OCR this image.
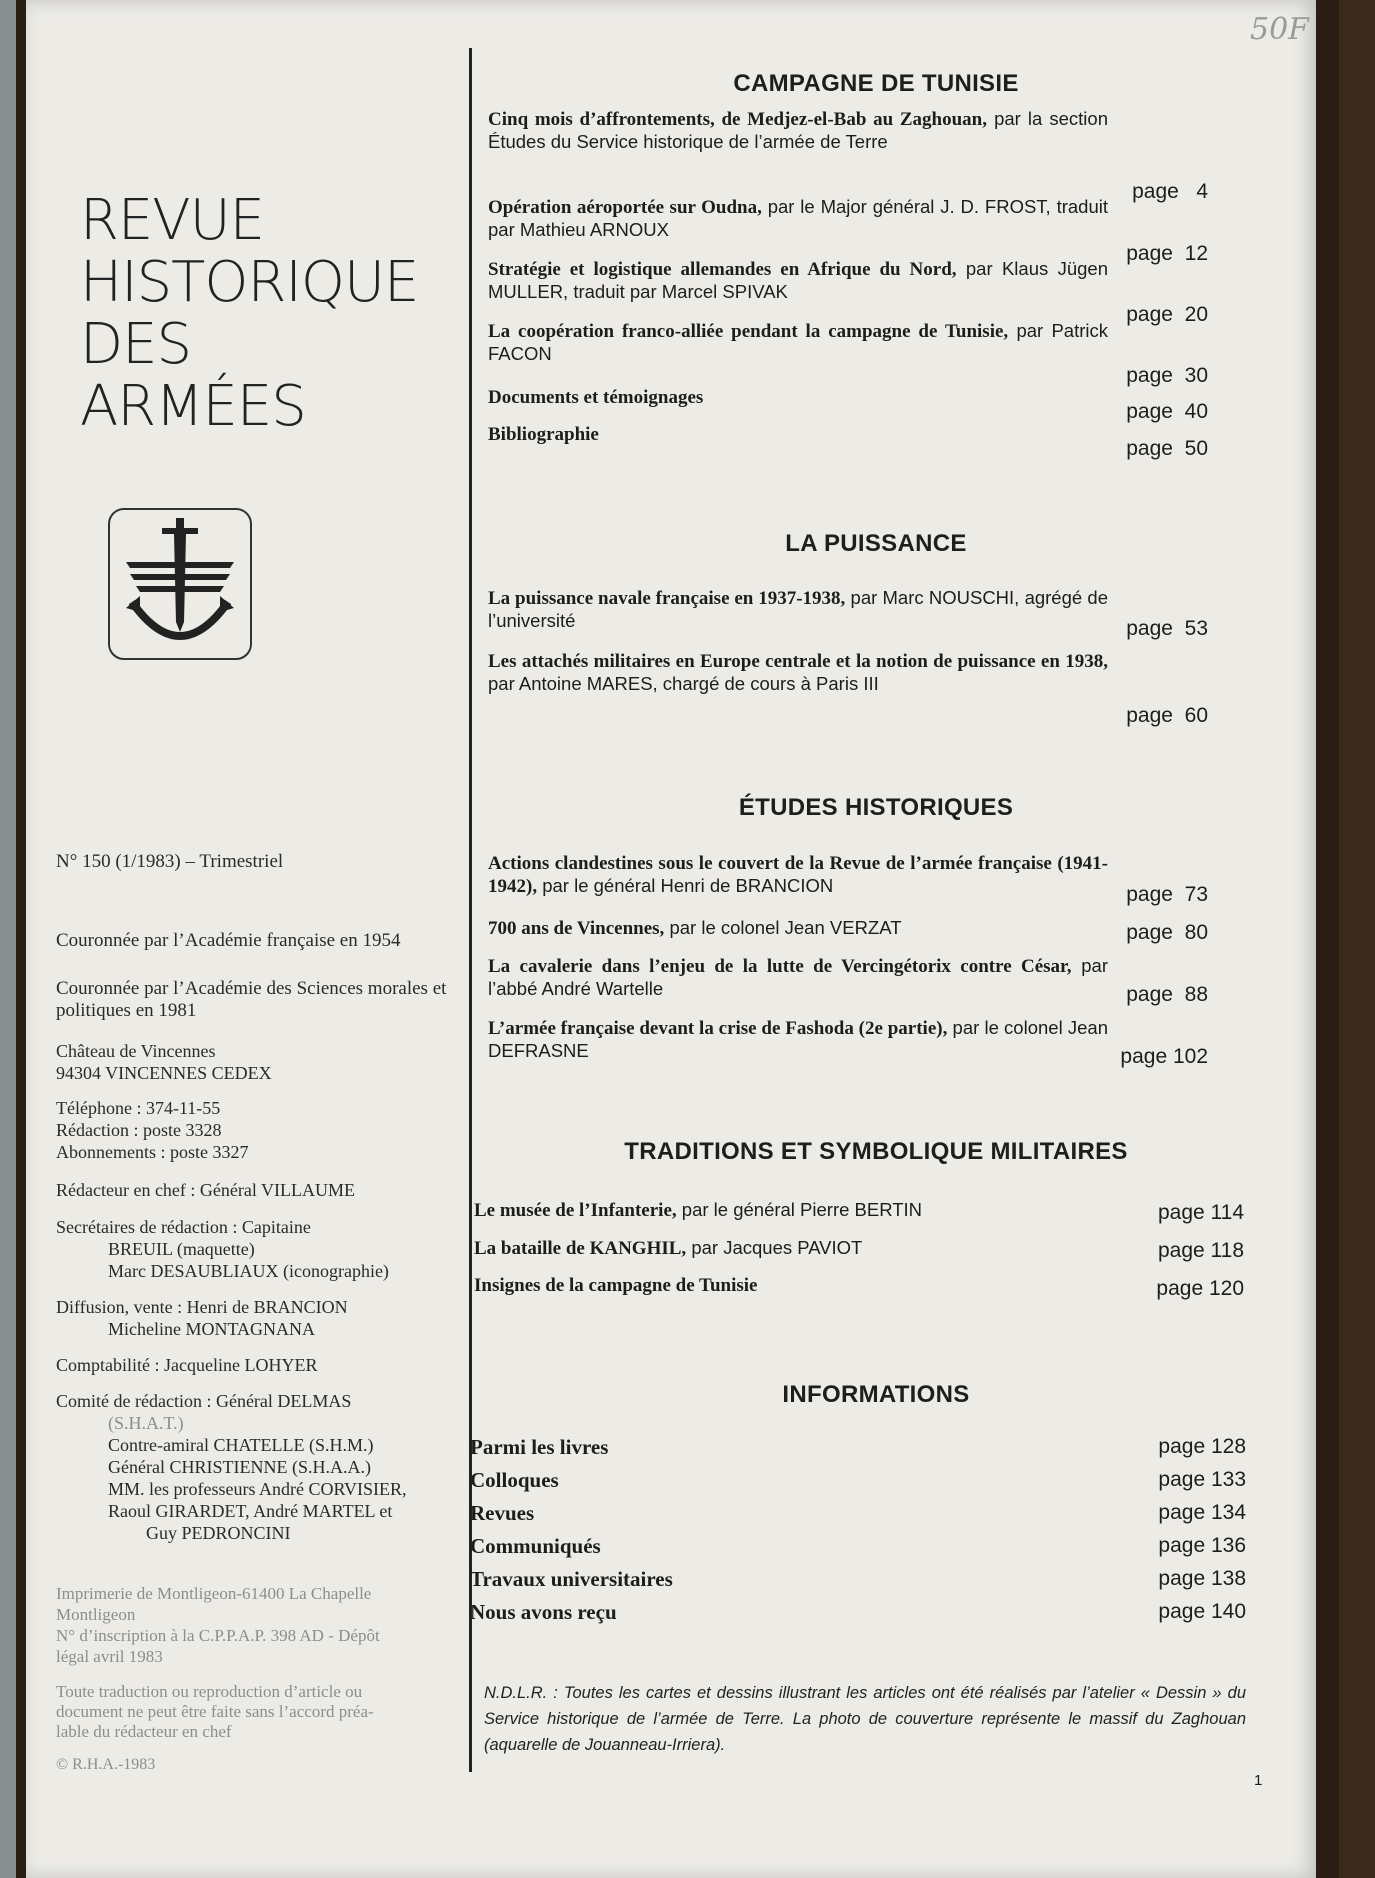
50F
REVUE
HISTORIQUE
DES
ARMÉES
N° 150 (1/1983) – Trimestriel
Couronnée par l’Académie française en 1954
Couronnée par l’Académie des Sciences morales et politiques en 1981
Château de Vincennes
94304 VINCENNES CEDEX
Téléphone : 374-11-55
Rédaction : poste 3328
Abonnements : poste 3327
Rédacteur en chef : Général VILLAUME
Secrétaires de rédaction : Capitaine
BREUIL (maquette)
Marc DESAUBLIAUX (iconographie)
Diffusion, vente : Henri de BRANCION
Micheline MONTAGNANA
Comptabilité : Jacqueline LOHYER
Comité de rédaction : Général DELMAS
(S.H.A.T.)
Contre-amiral CHATELLE (S.H.M.)
Général CHRISTIENNE (S.H.A.A.)
MM. les professeurs André CORVISIER,
Raoul GIRARDET, André MARTEL et
Guy PEDRONCINI
Imprimerie de Montligeon-61400 La Chapelle
Montligeon
N° d’inscription à la C.P.P.A.P. 398 AD - Dépôt
légal avril 1983
Toute traduction ou reproduction d’article ou
document ne peut être faite sans l’accord préa-
lable du rédacteur en chef
© R.H.A.-1983
CAMPAGNE DE TUNISIE
Cinq mois d’affrontements, de Medjez-el-Bab au Zaghouan, par la section Études du Service historique de l’armée de Terre
page   4
Opération aéroportée sur Oudna, par le Major général J. D. FROST, traduit par Mathieu ARNOUX
page  12
Stratégie et logistique allemandes en Afrique du Nord, par Klaus Jügen MULLER, traduit par Marcel SPIVAK
page  20
La coopération franco-alliée pendant la campagne de Tunisie, par Patrick FACON
page  30
Documents et témoignages
page  40
Bibliographie
page  50
LA PUISSANCE
La puissance navale française en 1937-1938, par Marc NOUSCHI, agrégé de l’université	page  53
Les attachés militaires en Europe centrale et la notion de puissance en 1938, par Antoine MARES, chargé de cours à Paris III
page  60
ÉTUDES HISTORIQUES
Actions clandestines sous le couvert de la Revue de l’armée française (1941-1942), par le général Henri de BRANCION	page  73
700 ans de Vincennes, par le colonel Jean VERZAT	page  80
La cavalerie dans l’enjeu de la lutte de Vercingétorix contre César, par l’abbé André Wartelle	page  88
L’armée française devant la crise de Fashoda (2e partie), par le colonel Jean DEFRASNE	page 102
TRADITIONS ET SYMBOLIQUE MILITAIRES
Le musée de l’Infanterie, par le général Pierre BERTIN	page 114
La bataille de KANGHIL, par Jacques PAVIOT	page 118
Insignes de la campagne de Tunisie	page 120
INFORMATIONS
Parmi les livres	page 128
Colloques	page 133
Revues	page 134
Communiqués	page 136
Travaux universitaires	page 138
Nous avons reçu	page 140
N.D.L.R. : Toutes les cartes et dessins illustrant les articles ont été réalisés par l’atelier « Dessin » du Service historique de l’armée de Terre. La photo de couverture représente le massif du Zaghouan (aquarelle de Jouanneau-Irriera).
1
